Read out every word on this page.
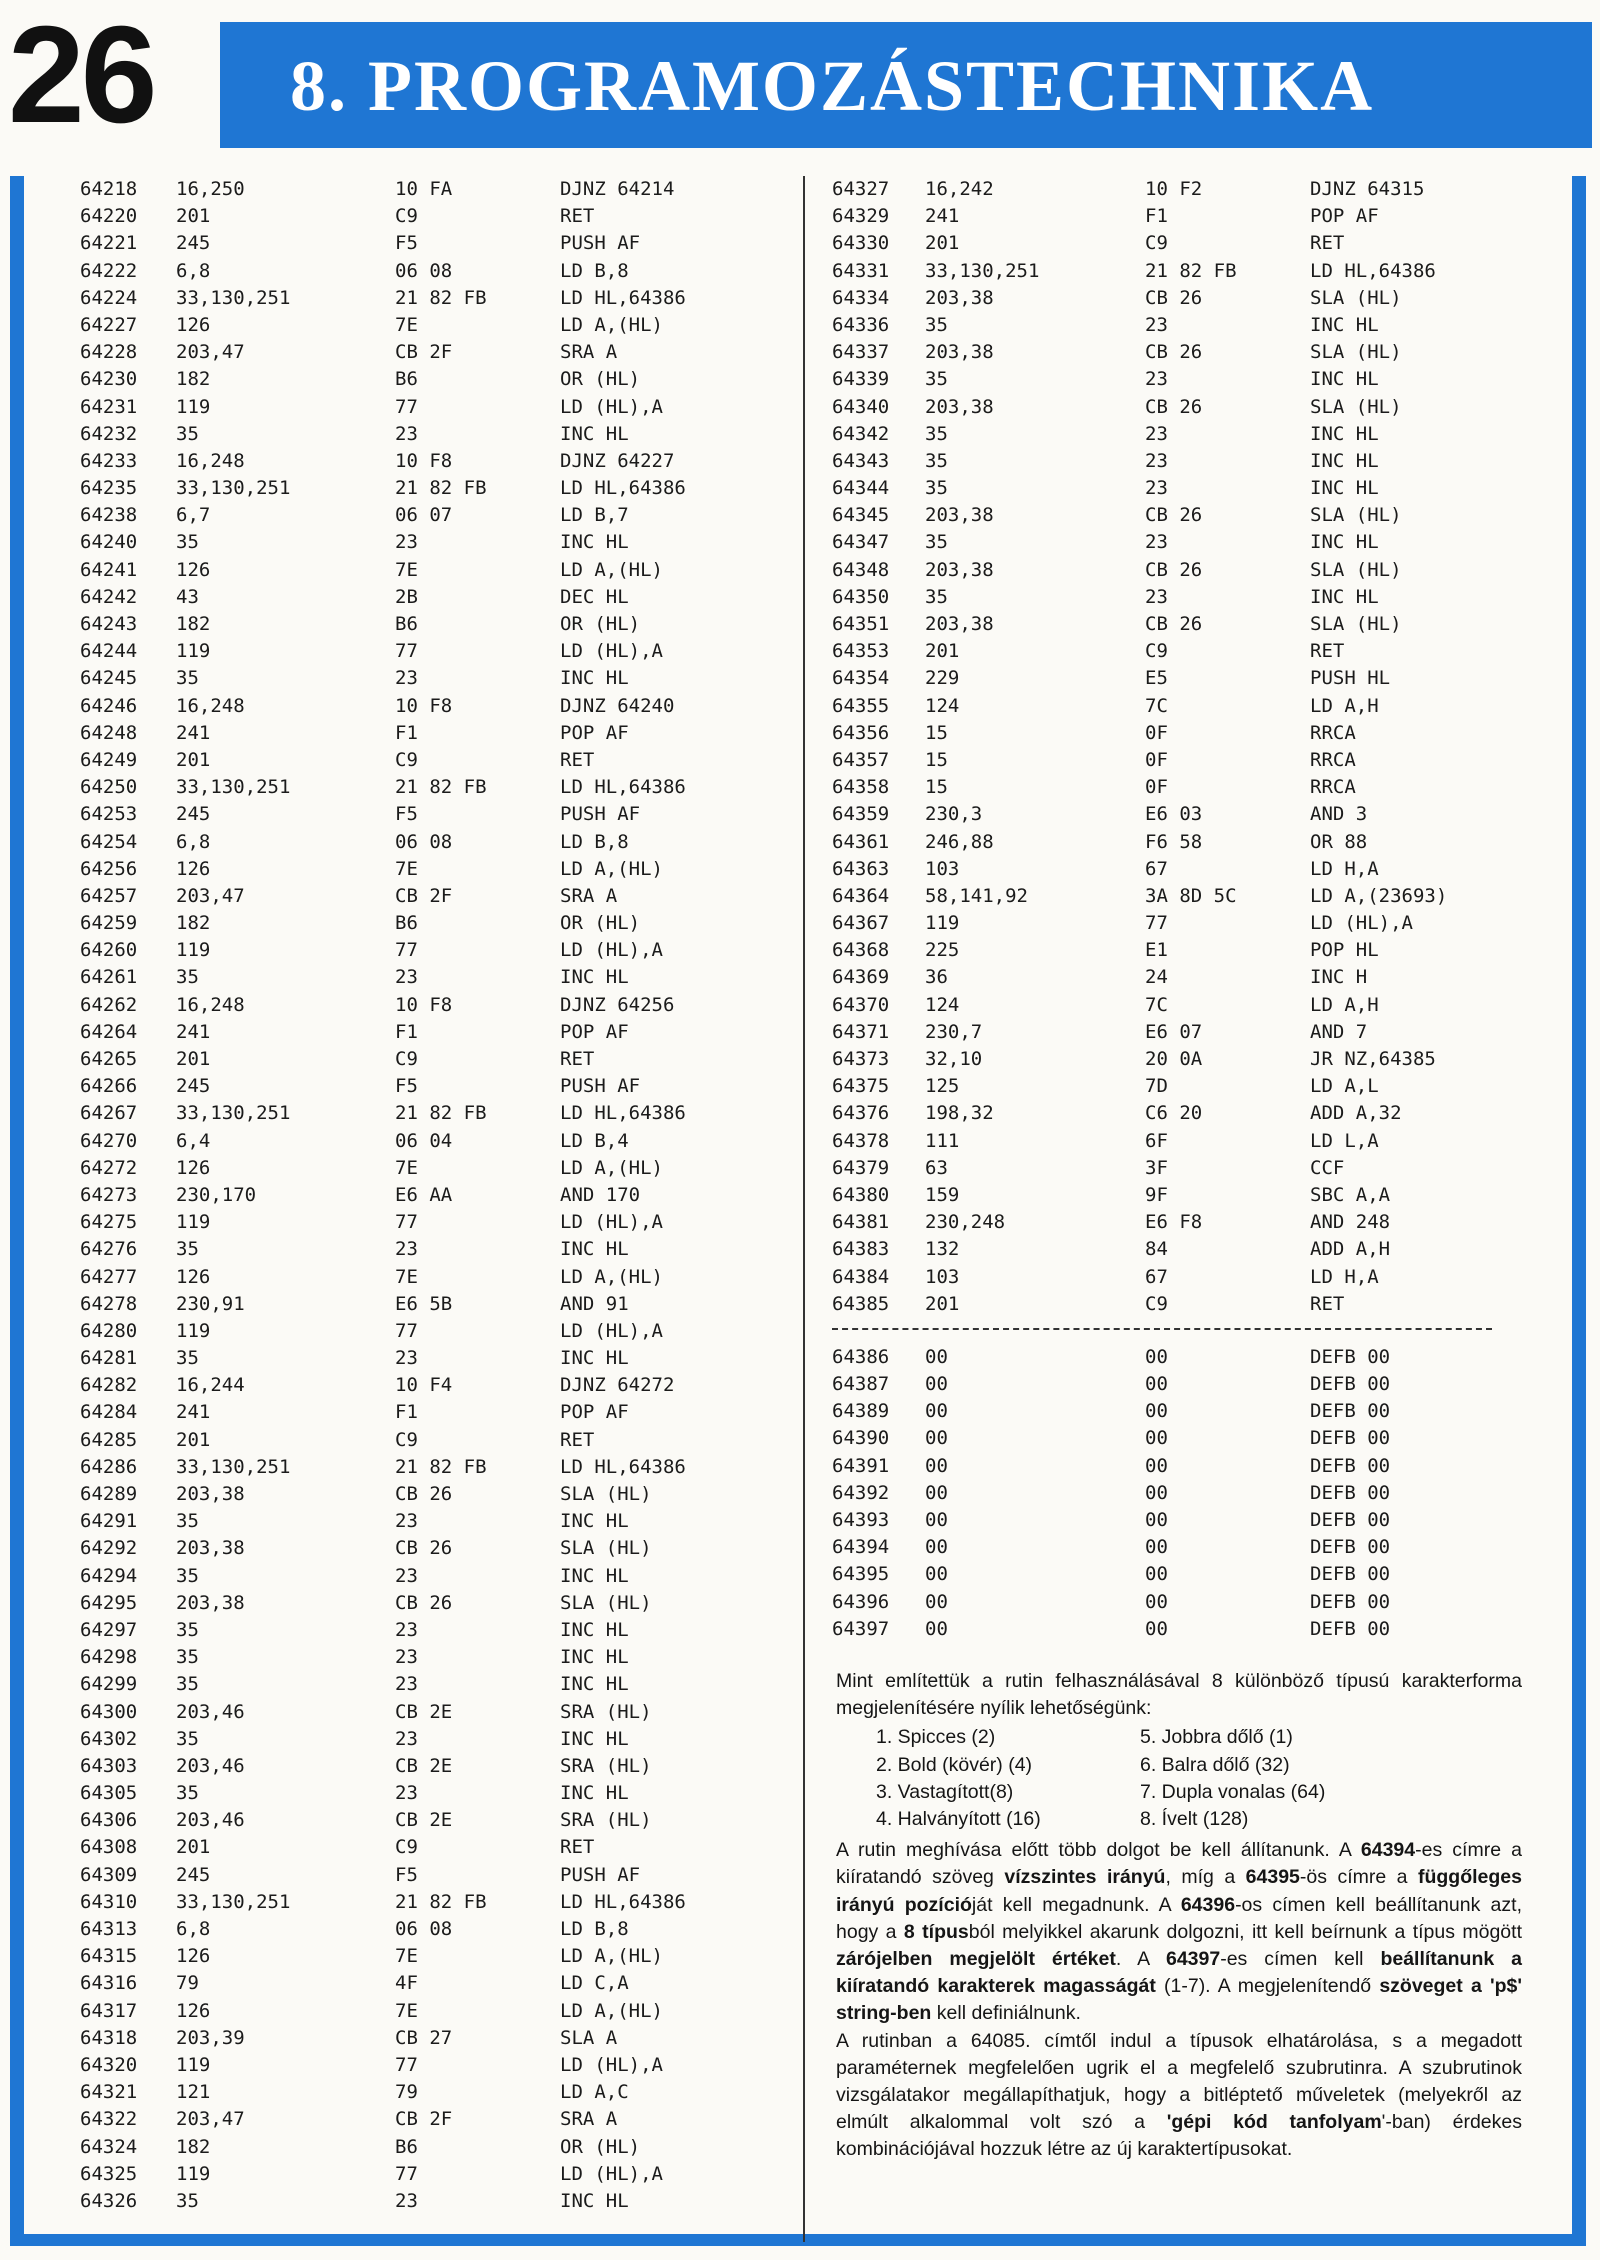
26 8. PROGRAMOZÁSTECHNIKA
64218 16,250	10 FA	DJNZ 64214
64220 201	C9	RET
64221 245	F5	PUSH AF
64222 6,8	06 08	LD B,8
64224 33,130,251	21 82 FB	LD HL,64386
64227 126	7E	LD A,(HL)
64228 203,47	CB 2F	SRA A
64230 182	B6	OR (HL)
64231 119	77	LD (HL),A
64232 35	23	INC HL
64233 16,248	10 F8	DJNZ 64227
64235 33,130,251	21 82 FB	LD HL,64386
64238 6,7	06 07	LD B,7
64240 35	23	INC HL
64241 126	7E	LD A,(HL)
64242 43	2B	DEC HL
64243 182	B6	OR (HL)
64244 119	77	LD (HL),A
64245 35	23	INC HL
64246 16,248	10 F8	DJNZ 64240
64248 241	F1	POP AF
64249 201	C9	RET
64250 33,130,251	21 82 FB	LD HL,64386
64253 245	F5	PUSH AF
64254 6,8	06 08	LD B,8
64256 126	7E	LD A,(HL)
64257 203,47	CB 2F	SRA A
64259 182	B6	OR (HL)
64260 119	77	LD (HL),A
64261 35	23	INC HL
64262 16,248	10 F8	DJNZ 64256
64264 241	F1	POP AF
64265 201	C9	RET
64266 245	F5	PUSH AF
64267 33,130,251	21 82 FB	LD HL,64386
64270 6,4	06 04	LD B,4
64272 126	7E	LD A,(HL)
64273 230,170	E6 AA	AND 170
64275 119	77	LD (HL),A
64276 35	23	INC HL
64277 126	7E	LD A,(HL)
64278 230,91	E6 5B	AND 91
64280 119	77	LD (HL),A
64281 35	23	INC HL
64282 16,244	10 F4	DJNZ 64272
64284 241	F1	POP AF
64285 201	C9	RET
64286 33,130,251	21 82 FB	LD HL,64386
64289 203,38	CB 26	SLA (HL)
64291 35	23	INC HL
64292 203,38	CB 26	SLA (HL)
64294 35	23	INC HL
64295 203,38	CB 26	SLA (HL)
64297 35	23	INC HL
64298 35	23	INC HL
64299 35	23	INC HL
64300 203,46	CB 2E	SRA (HL)
64302 35	23	INC HL
64303 203,46	CB 2E	SRA (HL)
64305 35	23	INC HL
64306 203,46	CB 2E	SRA (HL)
64308 201	C9	RET
64309 245	F5	PUSH AF
64310 33,130,251	21 82 FB	LD HL,64386
64313 6,8	06 08	LD B,8
64315 126	7E	LD A,(HL)
64316 79	4F	LD C,A
64317 126	7E	LD A,(HL)
64318 203,39	CB 27	SLA A
64320 119	77	LD (HL),A
64321 121	79	LD A,C
64322 203,47	CB 2F	SRA A
64324 182	B6	OR (HL)
64325 119	77	LD (HL),A
64326 35	23	INC HL
64327 16,242	10 F2	DJNZ 64315
64329 241	F1	POP AF
64330 201	C9	RET
64331 33,130,251	21 82 FB	LD HL,64386
64334 203,38	CB 26	SLA (HL)
64336 35	23	INC HL
64337 203,38	CB 26	SLA (HL)
64339 35	23	INC HL
64340 203,38	CB 26	SLA (HL)
64342 35	23	INC HL
64343 35	23	INC HL
64344 35	23	INC HL
64345 203,38	CB 26	SLA (HL)
64347 35	23	INC HL
64348 203,38	CB 26	SLA (HL)
64350 35	23	INC HL
64351 203,38	CB 26	SLA (HL)
64353 201	C9	RET
64354 229	E5	PUSH HL
64355 124	7C	LD A,H
64356 15	0F	RRCA
64357 15	0F	RRCA
64358 15	0F	RRCA
64359 230,3	E6 03	AND 3
64361 246,88	F6 58	OR 88
64363 103	67	LD H,A
64364 58,141,92	3A 8D 5C	LD A,(23693)
64367 119	77	LD (HL),A
64368 225	E1	POP HL
64369 36	24	INC H
64370 124	7C	LD A,H
64371 230,7	E6 07	AND 7
64373 32,10	20 0A	JR NZ,64385
64375 125	7D	LD A,L
64376 198,32	C6 20	ADD A,32
64378 111	6F	LD L,A
64379 63	3F	CCF
64380 159	9F	SBC A,A
64381 230,248	E6 F8	AND 248
64383 132	84	ADD A,H
64384 103	67	LD H,A
64385 201	C9	RET
64386 00	00	DEFB 00
64387 00	00	DEFB 00
64389 00	00	DEFB 00
64390 00	00	DEFB 00
64391 00	00	DEFB 00
64392 00	00	DEFB 00
64393 00	00	DEFB 00
64394 00	00	DEFB 00
64395 00	00	DEFB 00
64396 00	00	DEFB 00
64397 00	00	DEFB 00

Mint említettük a rutin felhasználásával 8 különböző típusú karakterforma megjelenítésére nyílik lehetőségünk:

1. Spicces (2)	5. Jobbra dőlő (1)
2. Bold (kövér) (4)	6. Balra dőlő (32)
3. Vastagított(8)	7. Dupla vonalas (64)
4. Halványított (16)	8. Ívelt (128)

A rutin meghívása előtt több dolgot be kell állítanunk. A 64394-es címre a kiíratandó szöveg vízszintes irányú, míg a 64395-ös címre a függőleges irányú pozícióját kell megadnunk. A 64396-os címen kell beállítanunk azt, hogy a 8 típusból melyikkel akarunk dolgozni, itt kell beírnunk a típus mögött zárójelben megjelölt értéket. A 64397-es címen kell beállítanunk a kiíratandó karakterek magasságát (1-7). A megjelenítendő szöveget a 'p$' string-ben kell definiálnunk.

A rutinban a 64085. címtől indul a típusok elhatárolása, s a megadott paraméternek megfelelően ugrik el a megfelelő szubrutinra. A szubrutinok vizsgálatakor megállapíthatjuk, hogy a bitléptető műveletek (melyekről az elmúlt alkalommal volt szó a 'gépi kód tanfolyam'-ban) érdekes kombinációjával hozzuk létre az új karaktertípusokat.
